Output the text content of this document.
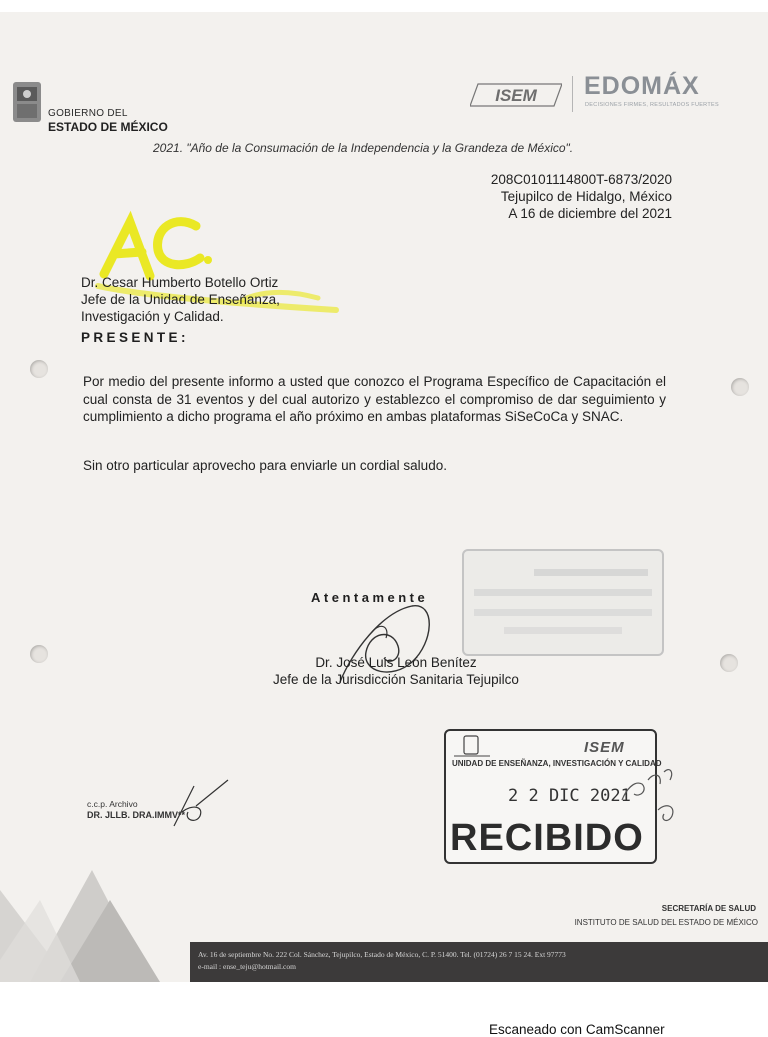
GOBIERNO DEL
ESTADO DE MÉXICO
ISEM EDOMÁX
DECISIONES FIRMES, RESULTADOS FUERTES
2021. "Año de la Consumación de la Independencia y la Grandeza de México".
208C0101114800T-6873/2020
Tejupilco de Hidalgo, México
A 16 de diciembre del 2021
Dr. Cesar Humberto Botello Ortiz
Jefe de la Unidad de Enseñanza,
Investigación y Calidad.
PRESENTE:
Por medio del presente informo a usted que conozco el Programa Específico de Capacitación el cual consta de 31 eventos y del cual autorizo y establezco el compromiso de dar seguimiento y cumplimiento a dicho programa el año próximo en ambas plataformas SiSeCoCa y SNAC.
Sin otro particular aprovecho para enviarle un cordial saludo.
Atentamente
Dr. José Luis León Benítez
Jefe de la Jurisdicción Sanitaria Tejupilco
ISEM
UNIDAD DE ENSEÑANZA, INVESTIGACIÓN Y CALIDAD
2 2 DIC 2021
RECIBIDO
c.c.p. Archivo
DR. JLLB. DRA.IMMV**
SECRETARÍA DE SALUD
INSTITUTO DE SALUD DEL ESTADO DE MÉXICO
Av. 16 de septiembre No. 222 Col. Sánchez, Tejupilco, Estado de México, C. P. 51400. Tel. (01724) 26 7 15 24. Ext 97773
e-mail : ense_teju@hotmail.com
Escaneado con CamScanner
